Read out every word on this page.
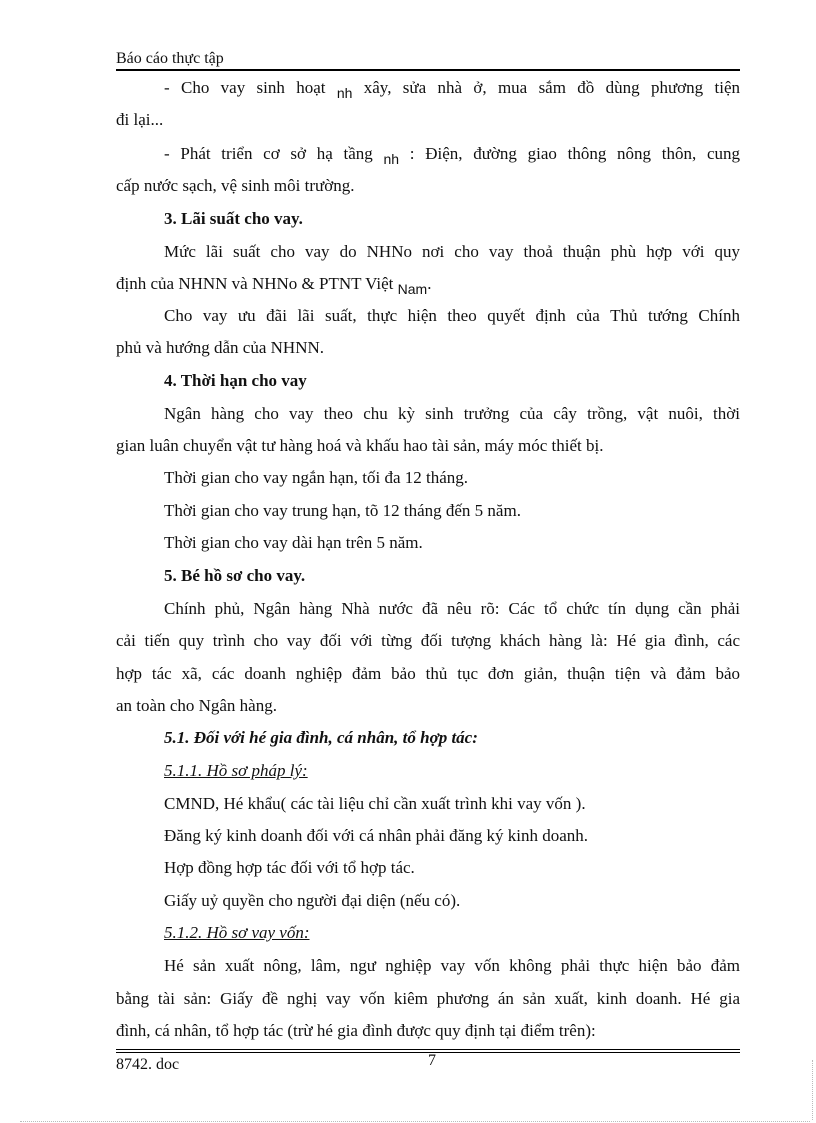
Báo cáo thực tập
- Cho vay sinh hoạt $_{nh}$ xây, sửa nhà ở, mua sắm đồ dùng phương tiện
đi lại...
- Phát triển cơ sở hạ tầng $_{nh}$ : Điện, đường giao thông nông thôn, cung
cấp nước sạch, vệ sinh môi trường.
3. Lãi suất cho vay.
Mức lãi suất cho vay do NHNo nơi cho vay thoả thuận phù hợp với quy
định của NHNN và NHNo & PTNT Việt $_{Nam}$.
Cho vay ưu đãi lãi suất, thực hiện theo quyết định của Thủ tướng Chính
phủ và hướng dẫn của NHNN.
4. Thời hạn cho vay
Ngân hàng cho vay theo chu kỳ sinh trưởng của cây trồng, vật nuôi, thời
gian luân chuyển vật tư hàng hoá và khấu hao tài sản, máy móc thiết bị.
Thời gian cho vay ngắn hạn, tối đa 12 tháng.
Thời gian cho vay trung hạn, tõ 12 tháng đến 5 năm.
Thời gian cho vay dài hạn trên 5 năm.
5. Bé hồ sơ cho vay.
Chính phủ, Ngân hàng Nhà nước đã nêu rõ: Các tổ chức tín dụng cần phải
cải tiến quy trình cho vay đối với từng đối tượng khách hàng là: Hé gia đình, các
hợp tác xã, các doanh nghiệp đảm bảo thủ tục đơn giản, thuận tiện và đảm bảo
an toàn cho Ngân hàng.
5.1. Đối với hé gia đình, cá nhân, tổ hợp tác:
5.1.1. Hồ sơ pháp lý:
CMND, Hé khẩu( các tài liệu chỉ cần xuất trình khi vay vốn ).
Đăng ký kinh doanh đối với cá nhân phải đăng ký kinh doanh.
Hợp đồng hợp tác đối với tổ hợp tác.
Giấy uỷ quyền cho người đại diện (nếu có).
5.1.2. Hồ sơ vay vốn:
Hé sản xuất nông, lâm, ngư nghiệp vay vốn không phải thực hiện bảo đảm
bằng tài sản: Giấy đề nghị vay vốn kiêm phương án sản xuất, kinh doanh. Hé gia
đình, cá nhân, tổ hợp tác (trừ hé gia đình được quy định tại điểm trên):
8742. doc	7
